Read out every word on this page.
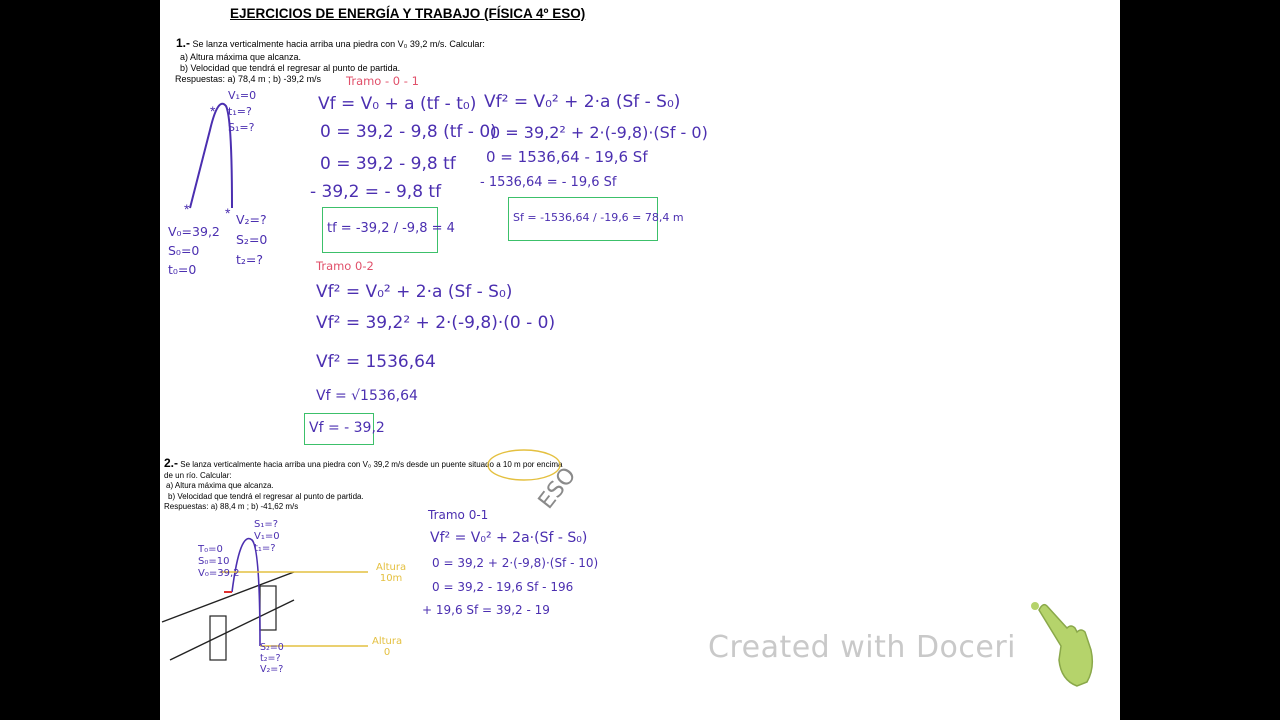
EJERCICIOS DE ENERGÍA Y TRABAJO (FÍSICA 4º ESO)
1.- Se lanza verticalmente hacia arriba una piedra con V₀ 39,2 m/s. Calcular:
a) Altura máxima que alcanza.
b) Velocidad que tendrá el regresar al punto de partida.
Respuestas: a) 78,4 m ; b) -39,2 m/s
*	*
*
V₁=0
t₁=?
S₁=?
V₀=39,2
S₀=0
t₀=0
V₂=?
S₂=0
t₂=?
Tramo - 0 - 1
Vf = V₀ + a (tf - t₀)
0 = 39,2 - 9,8 (tf - 0)
0 = 39,2 - 9,8 tf
- 39,2 = - 9,8 tf
tf = -39,2 / -9,8 = 4
Vf² = V₀² + 2·a (Sf - S₀)
0 = 39,2² + 2·(-9,8)·(Sf - 0)
0 = 1536,64 - 19,6 Sf
- 1536,64 = - 19,6 Sf
Sf = -1536,64 / -19,6 = 78,4 m
Tramo 0-2
Vf² = V₀² + 2·a (Sf - S₀)
Vf² = 39,2² + 2·(-9,8)·(0 - 0)
Vf² = 1536,64
Vf = √1536,64
Vf = - 39,2
2.- Se lanza verticalmente hacia arriba una piedra con V₀ 39,2 m/s desde un puente situado a 10 m por encima
de un río. Calcular:
a) Altura máxima que alcanza.
b) Velocidad que tendrá el regresar al punto de partida.
Respuestas: a) 88,4 m ; b) -41,62 m/s	ESO
T₀=0
S₀=10
V₀=39,2
S₁=?
V₁=0
t₁=?
S₂=0
t₂=?
V₂=?
Altura
10m
Altura
0
Tramo 0-1
Vf² = V₀² + 2a·(Sf - S₀)
0 = 39,2 + 2·(-9,8)·(Sf - 10)
0 = 39,2 - 19,6 Sf - 196
+ 19,6 Sf = 39,2 - 19
Created with Doceri
